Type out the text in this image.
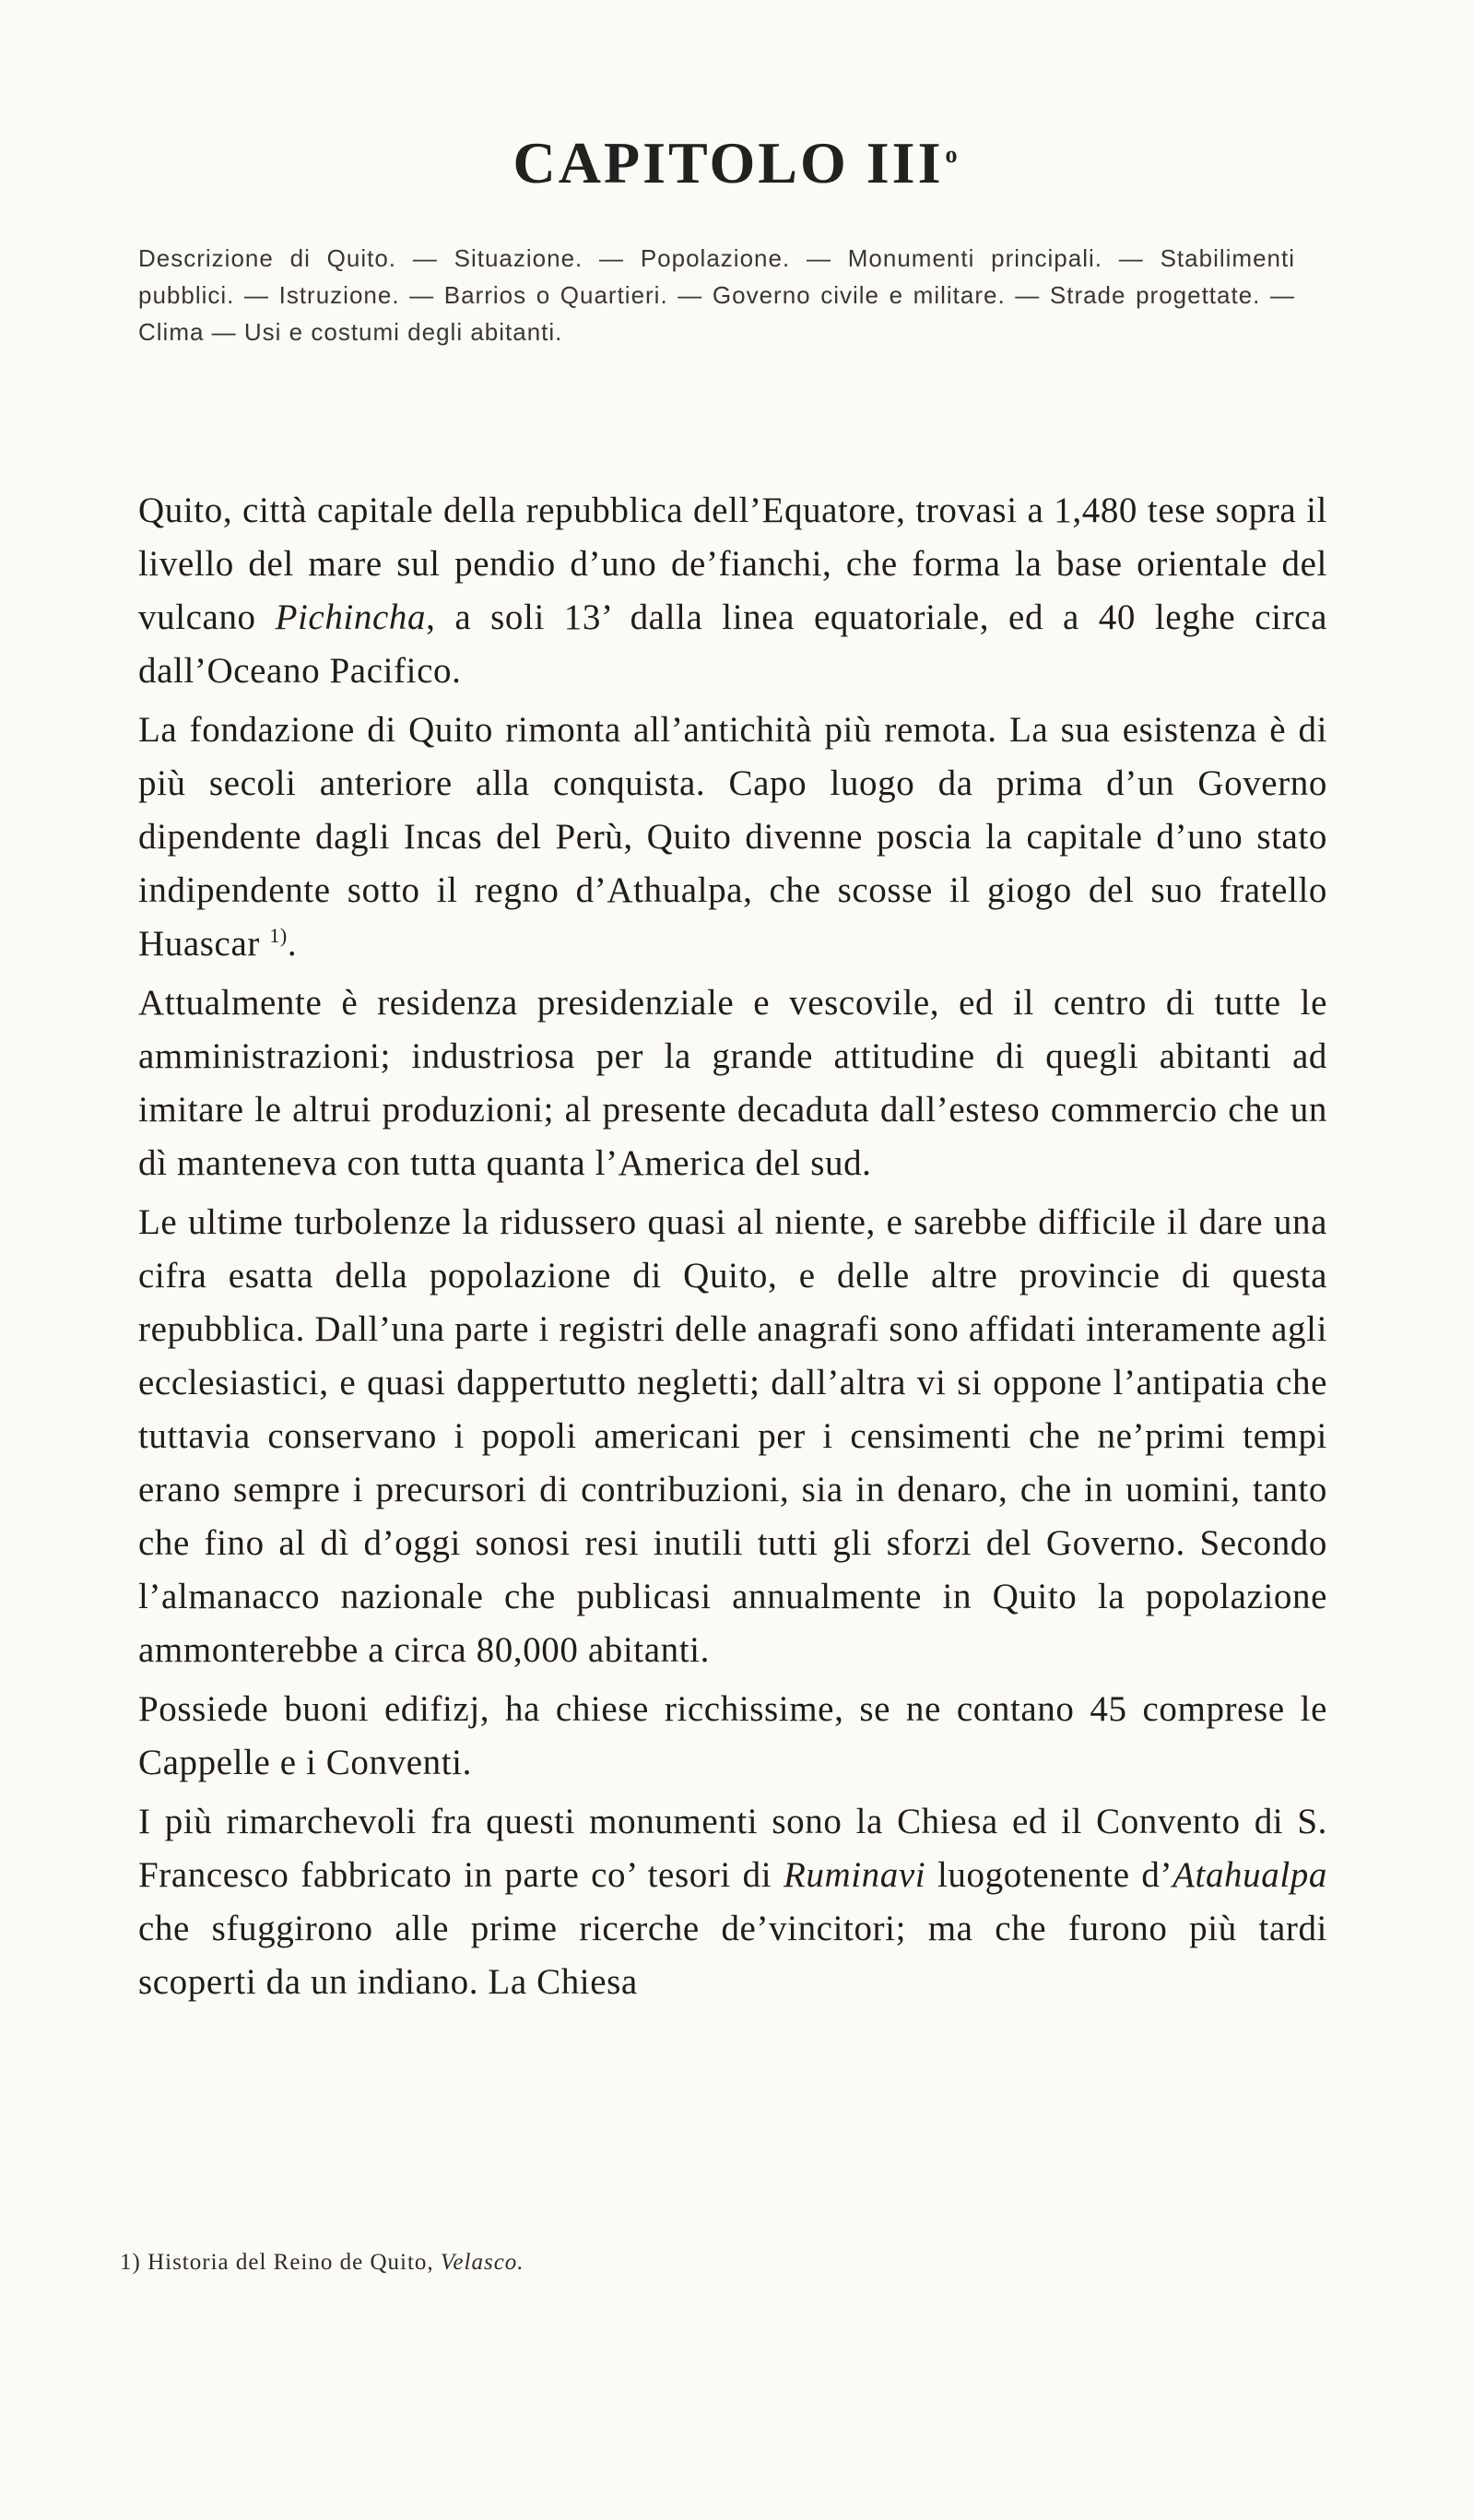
CAPITOLO III$^o$

Descrizione di Quito. — Situazione. — Popolazione. — Monumenti principali. — Stabilimenti pubblici. — Istruzione. — Barrios o Quartieri. — Governo civile e militare. — Strade progettate. — Clima — Usi e costumi degli abitanti.

Quito, città capitale della repubblica dell’Equatore, trovasi a 1,480 tese sopra il livello del mare sul pendio d’uno de’fianchi, che forma la base orientale del vulcano Pichincha, a soli 13’ dalla linea equatoriale, ed a 40 leghe circa dall’Oceano Pacifico.

La fondazione di Quito rimonta all’antichità più remota. La sua esistenza è di più secoli anteriore alla conquista. Capo luogo da prima d’un Governo dipendente dagli Incas del Perù, Quito divenne poscia la capitale d’uno stato indipendente sotto il regno d’Athualpa, che scosse il giogo del suo fratello Huascar $^{1)}$.

Attualmente è residenza presidenziale e vescovile, ed il centro di tutte le amministrazioni; industriosa per la grande attitudine di quegli abitanti ad imitare le altrui produzioni; al presente decaduta dall’esteso commercio che un dì manteneva con tutta quanta l’America del sud.

Le ultime turbolenze la ridussero quasi al niente, e sarebbe difficile il dare una cifra esatta della popolazione di Quito, e delle altre provincie di questa repubblica. Dall’una parte i registri delle anagrafi sono affidati interamente agli ecclesiastici, e quasi dappertutto negletti; dall’altra vi si oppone l’antipatia che tuttavia conservano i popoli americani per i censimenti che ne’primi tempi erano sempre i precursori di contribuzioni, sia in denaro, che in uomini, tanto che fino al dì d’oggi sonosi resi inutili tutti gli sforzi del Governo. Secondo l’almanacco nazionale che publicasi annualmente in Quito la popolazione ammonterebbe a circa 80,000 abitanti.

Possiede buoni edifizj, ha chiese ricchissime, se ne contano 45 comprese le Cappelle e i Conventi.

I più rimarchevoli fra questi monumenti sono la Chiesa ed il Convento di S. Francesco fabbricato in parte co’ tesori di Ruminavi luogotenente d’Atahualpa che sfuggirono alle prime ricerche de’vincitori; ma che furono più tardi scoperti da un indiano. La Chiesa

1) Historia del Reino de Quito, Velasco.
